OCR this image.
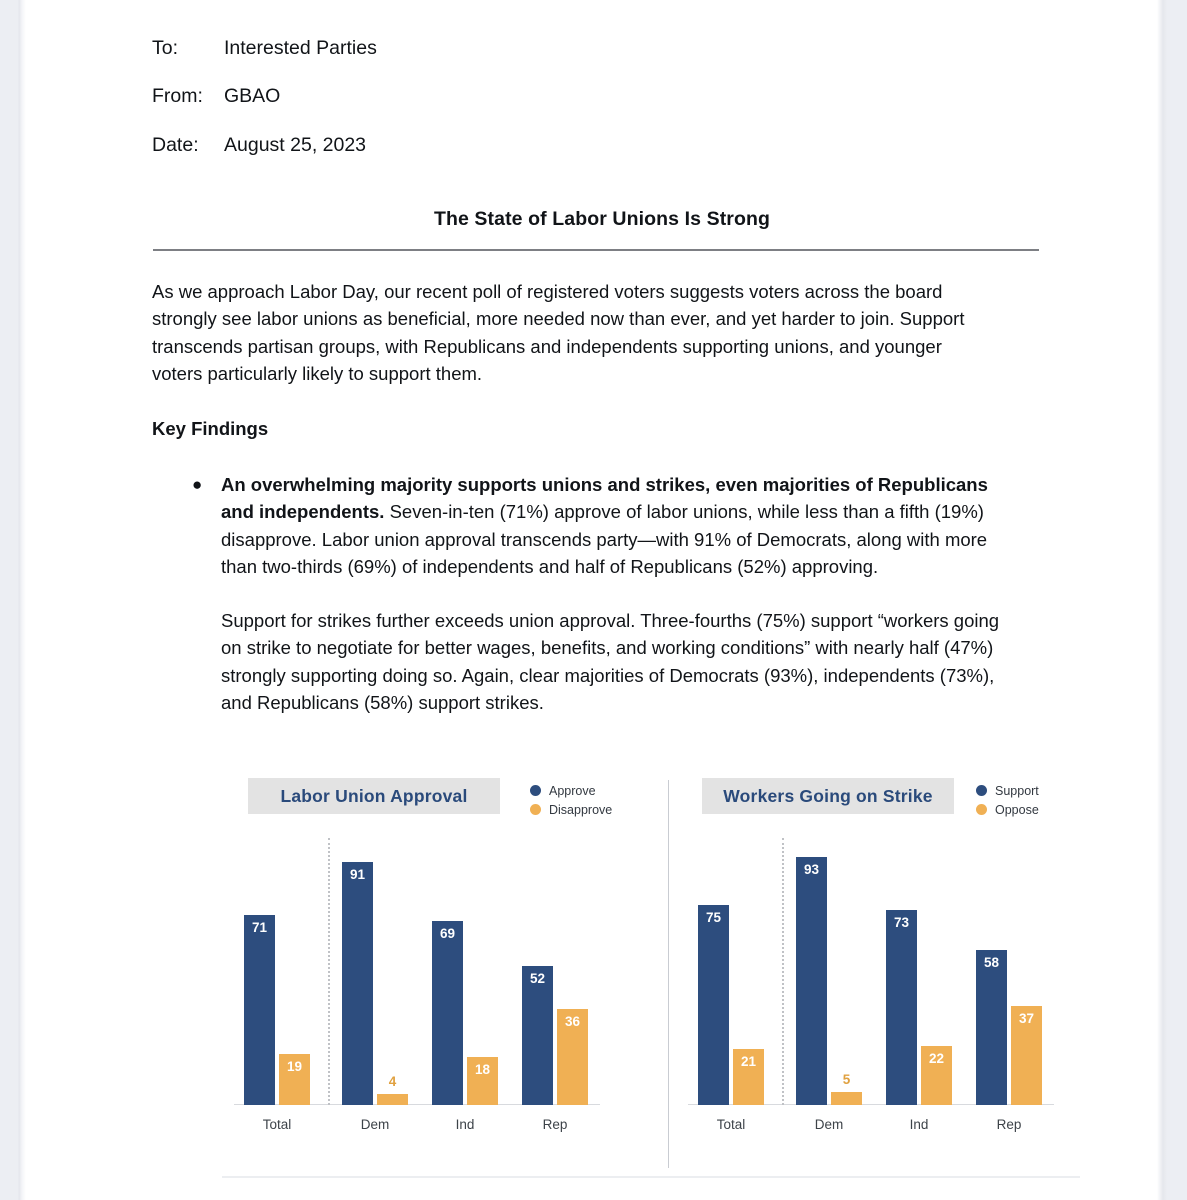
To:	Interested Parties
From:	GBAO
Date:	August 25, 2023
The State of Labor Unions Is Strong
As we approach Labor Day, our recent poll of registered voters suggests voters across the board strongly see labor unions as beneficial, more needed now than ever, and yet harder to join. Support transcends partisan groups, with Republicans and independents supporting unions, and younger voters particularly likely to support them.
Key Findings
●	An overwhelming majority supports unions and strikes, even majorities of Republicans and independents. Seven-in-ten (71%) approve of labor unions, while less than a fifth (19%) disapprove. Labor union approval transcends party—with 91% of Democrats, along with more than two-thirds (69%) of independents and half of Republicans (52%) approving.
Support for strikes further exceeds union approval. Three-fourths (75%) support “workers going on strike to negotiate for better wages, benefits, and working conditions” with nearly half (47%) strongly supporting doing so. Again, clear majorities of Democrats (93%), independents (73%), and Republicans (58%) support strikes.
Labor Union Approval	Approve
Disapprove
71
19
Total
91
4
Dem
69
18
Ind
52
36
Rep
Workers Going on Strike	Support
Oppose
75
21
Total
93
5
Dem
73
22
Ind
58
37
Rep
